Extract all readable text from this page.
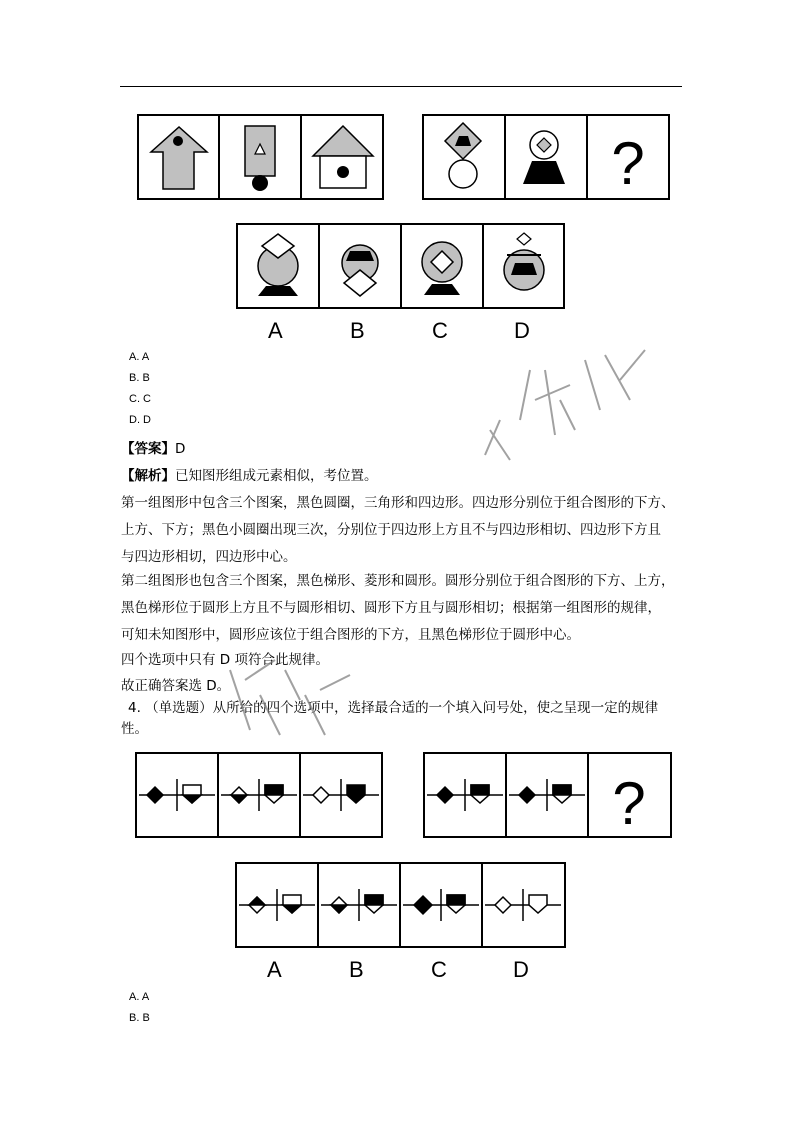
?
A	B	C	D
A. A
B. B
C. C
D. D
【答案】D
【解析】已知图形组成元素相似，考位置。
第一组图形中包含三个图案，黑色圆圈，三角形和四边形。四边形分别位于组合图形的下方、
上方、下方；黑色小圆圈出现三次，分别位于四边形上方且不与四边形相切、四边形下方且
与四边形相切，四边形中心。
第二组图形也包含三个图案，黑色梯形、菱形和圆形。圆形分别位于组合图形的下方、上方，
黑色梯形位于圆形上方且不与圆形相切、圆形下方且与圆形相切；根据第一组图形的规律，
可知未知图形中，圆形应该位于组合图形的下方，且黑色梯形位于圆形中心。
四个选项中只有 D 项符合此规律。
故正确答案选 D。
4. （单选题）从所给的四个选项中，选择最合适的一个填入问号处，使之呈现一定的规律
性。
?
A	B	C	D
A. A
B. B
